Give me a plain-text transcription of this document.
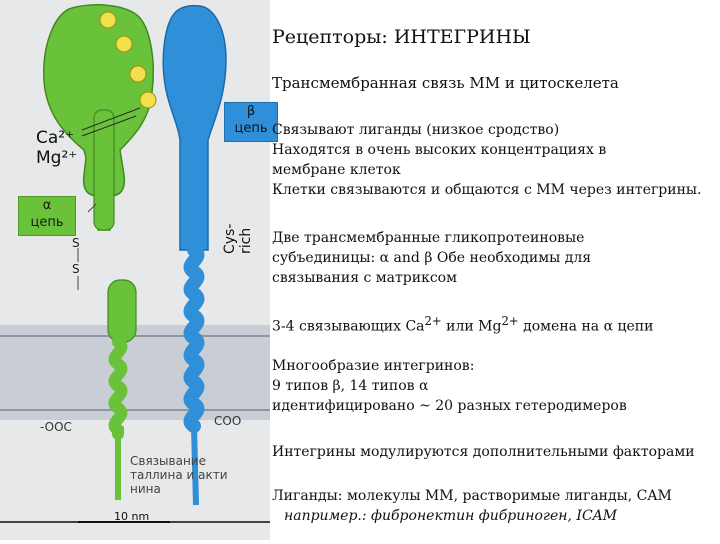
Ca²⁺
Mg²⁺
α
цепь
β
цепь
Cys-rich
S
S
-OOC	COO
Связывание
таллина и акти
нина
10 nm
Рецепторы: ИНТЕГРИНЫ
Трансмембранная связь ММ и цитоскелета
Связывают лиганды (низкое сродство)
Находятся в очень высоких концентрациях в
мембране клеток
Клетки связываются и общаются с ММ через интегрины.
Две трансмембранные гликопротеиновые
субъединицы: α and β Обе необходимы для
связывания с матриксом
3-4 связывающих $Ca^{2+}$ или $Mg^{2+}$ домена на α цепи
Многообразие интегринов:
9 типов β, 14 типов α
идентифицировано ~ 20 разных гетеродимеров
Интегрины модулируются дополнительными факторами
Лиганды: молекулы ММ, растворимые лиганды, CAM
например.: фибронектин фибриноген, ICAM
